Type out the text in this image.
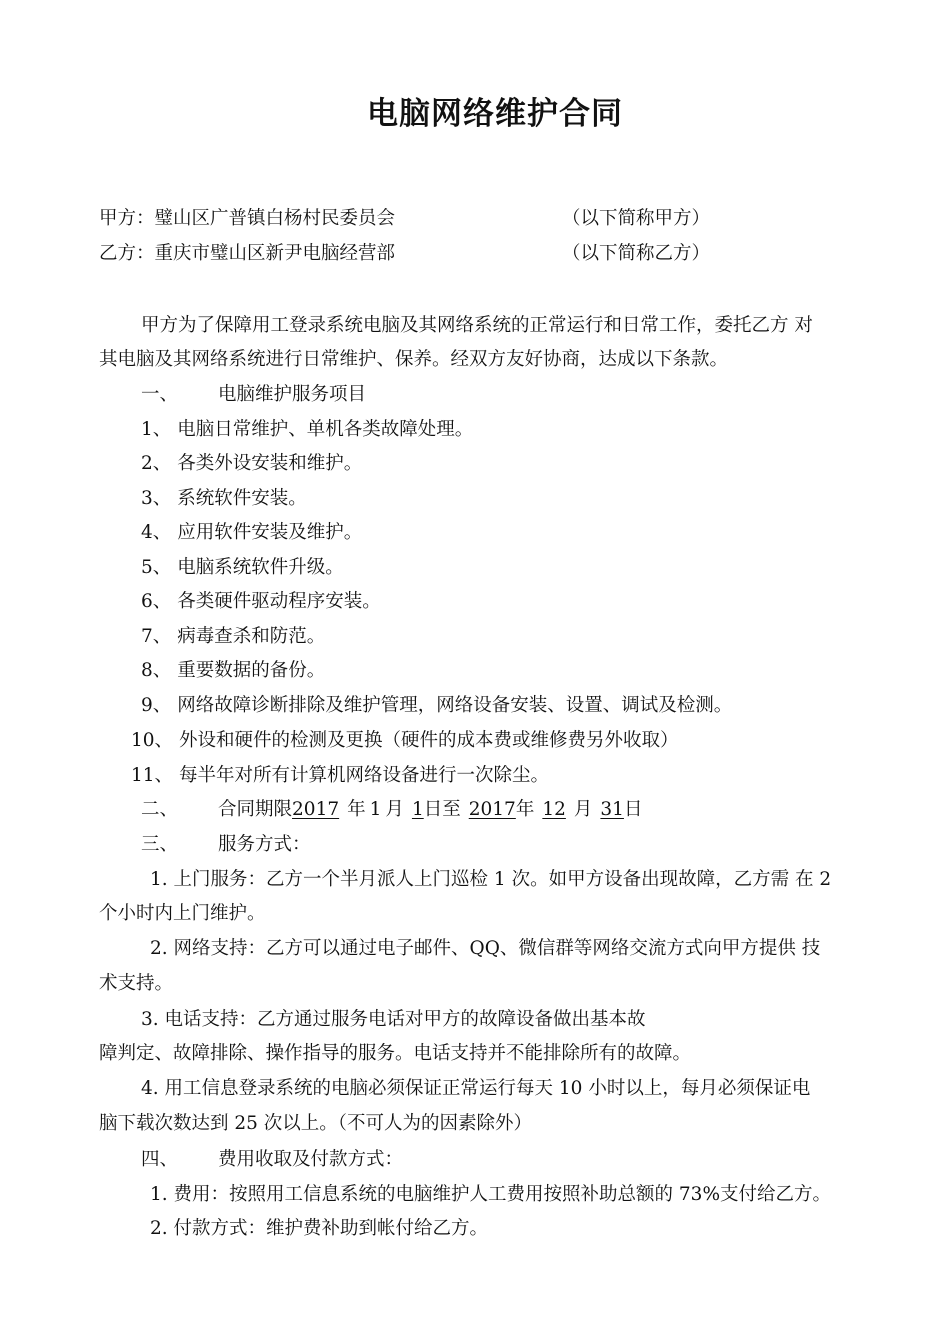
电脑网络维护合同
甲方：璧山区广普镇白杨村民委员会	（以下简称甲方）
乙方：重庆市璧山区新尹电脑经营部	（以下简称乙方）
甲方为了保障用工登录系统电脑及其网络系统的正常运行和日常工作，委托乙方 对
其电脑及其网络系统进行日常维护、保养。经双方友好协商，达成以下条款。
一、 电脑维护服务项目
1、 电脑日常维护、单机各类故障处理。
2、 各类外设安装和维护。
3、 系统软件安装。
4、 应用软件安装及维护。
5、 电脑系统软件升级。
6、 各类硬件驱动程序安装。
7、 病毒查杀和防范。
8、 重要数据的备份。
9、 网络故障诊断排除及维护管理，网络设备安装、设置、调试及检测。
10、 外设和硬件的检测及更换（硬件的成本费或维修费另外收取）
11、 每半年对所有计算机网络设备进行一次除尘。
二、 合同期限2017 年 1 月 1日至 2017年 12 月 31日
三、 服务方式：
1. 上门服务：乙方一个半月派人上门巡检 1 次。如甲方设备出现故障，乙方需 在 2
个小时内上门维护。
2. 网络支持：乙方可以通过电子邮件、QQ、微信群等网络交流方式向甲方提供 技
术支持。
3. 电话支持：乙方通过服务电话对甲方的故障设备做出基本故
障判定、故障排除、操作指导的服务。电话支持并不能排除所有的故障。
4. 用工信息登录系统的电脑必须保证正常运行每天 10 小时以上，每月必须保证电
脑下载次数达到 25 次以上。（不可人为的因素除外）
四、 费用收取及付款方式：
1. 费用：按照用工信息系统的电脑维护人工费用按照补助总额的 73%支付给乙方。
2. 付款方式：维护费补助到帐付给乙方。
